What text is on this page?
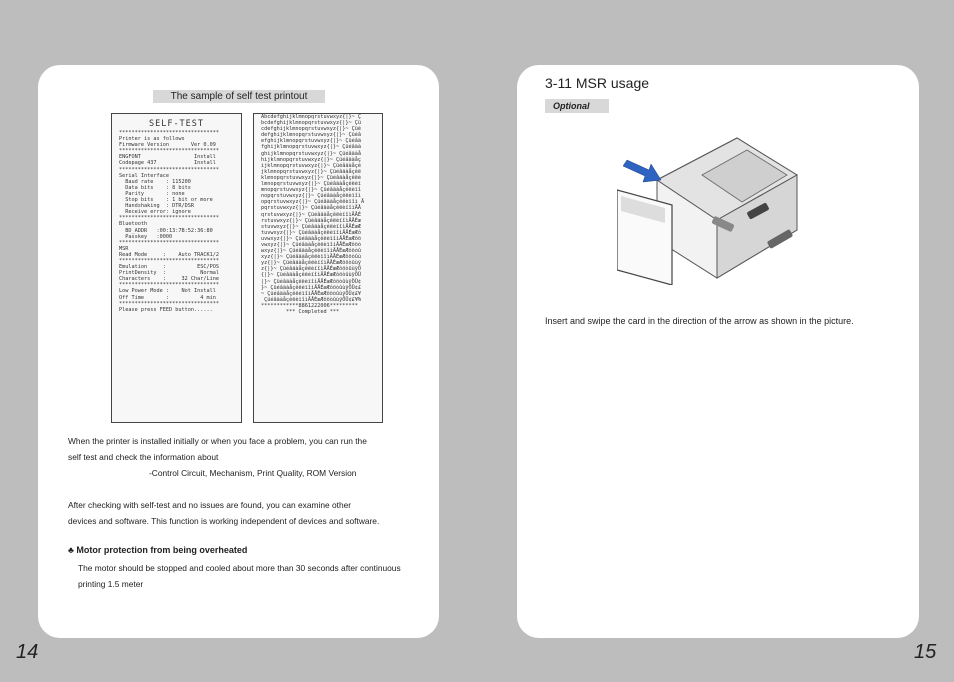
The sample of self test printout
SELF-TEST
********************************
Printer is as follows
Firmware Version       Ver 0.09
********************************
ENGFONT                 Install
Codepage 437            Install
********************************
Serial Interface
Baud rate    : 115200
Data bits    : 8 bits
Parity       : none
Stop bits    : 1 bit or more
Handshaking  : DTR/DSR
Receive error: ignore
********************************
Bluetooth
BD_ADDR   :00:13:7B:52:36:80
Passkey   :0000
********************************
MSR
Read Mode     :    Auto TRACK1/2
********************************
Emulation     :          ESC/POS
PrintDensity  :           Normal
Characters    :     32 Char/Line
********************************
Low Power Mode :    Not Install
Off Time       :          4 min
********************************
Please press FEED button......
Abcdefghijklmnopqrstuvwxyz{|}~ Ç
bcdefghijklmnopqrstuvwxyz{|}~ Çü
cdefghijklmnopqrstuvwxyz{|}~ Çüé
defghijklmnopqrstuvwxyz{|}~ Çüéâ
efghijklmnopqrstuvwxyz{|}~ Çüéâä
fghijklmnopqrstuvwxyz{|}~ Çüéâäà
ghijklmnopqrstuvwxyz{|}~ Çüéâäàå
hijklmnopqrstuvwxyz{|}~ Çüéâäàåç
ijklmnopqrstuvwxyz{|}~ Çüéâäàåçê
jklmnopqrstuvwxyz{|}~ Çüéâäàåçêë
klmnopqrstuvwxyz{|}~ Çüéâäàåçêëè
lmnopqrstuvwxyz{|}~ Çüéâäàåçêëèï
mnopqrstuvwxyz{|}~ Çüéâäàåçêëèïî
nopqrstuvwxyz{|}~ Çüéâäàåçêëèïîì
opqrstuvwxyz{|}~ Çüéâäàåçêëèïîì Ä
pqrstuvwxyz{|}~ ÇüéâäàåçêëèïîìÄÅ
qrstuvwxyz{|}~ ÇüéâäàåçêëèïîìÄÅÉ
rstuvwxyz{|}~ ÇüéâäàåçêëèïîìÄÅÉæ
stuvwxyz{|}~ ÇüéâäàåçêëèïîìÄÅÉæÆ
tuvwxyz{|}~ ÇüéâäàåçêëèïîìÄÅÉæÆô
uvwxyz{|}~ ÇüéâäàåçêëèïîìÄÅÉæÆôö
vwxyz{|}~ ÇüéâäàåçêëèïîìÄÅÉæÆôöò
wxyz{|}~ ÇüéâäàåçêëèïîìÄÅÉæÆôöòû
xyz{|}~ ÇüéâäàåçêëèïîìÄÅÉæÆôöòûù
yz{|}~ ÇüéâäàåçêëèïîìÄÅÉæÆôöòûùÿ
z{|}~ ÇüéâäàåçêëèïîìÄÅÉæÆôöòûùÿÖ
{|}~ ÇüéâäàåçêëèïîìÄÅÉæÆôöòûùÿÖÜ
|}~ ÇüéâäàåçêëèïîìÄÅÉæÆôöòûùÿÖÜ¢
}~ ÇüéâäàåçêëèïîìÄÅÉæÆôöòûùÿÖÜ¢£
~ ÇüéâäàåçêëèïîìÄÅÉæÆôöòûùÿÖÜ¢£¥
ÇüéâäàåçêëèïîìÄÅÉæÆôöòûùÿÖÜ¢£¥₧
************8861222006*********
*** Completed ***
When the printer is installed initially or when you face a problem, you can run the
self test and check the information about
-Control Circuit, Mechanism, Print Quality, ROM Version
After checking with self-test and no issues are found, you can examine other
devices and software. This function is working independent of devices and software.
♣ Motor protection from being overheated
The motor should be stopped and cooled about more than 30 seconds after continuous printing 1.5 meter
14
3-11 MSR usage
Optional
Insert and swipe the card in the direction of the arrow as shown in the picture.
15
